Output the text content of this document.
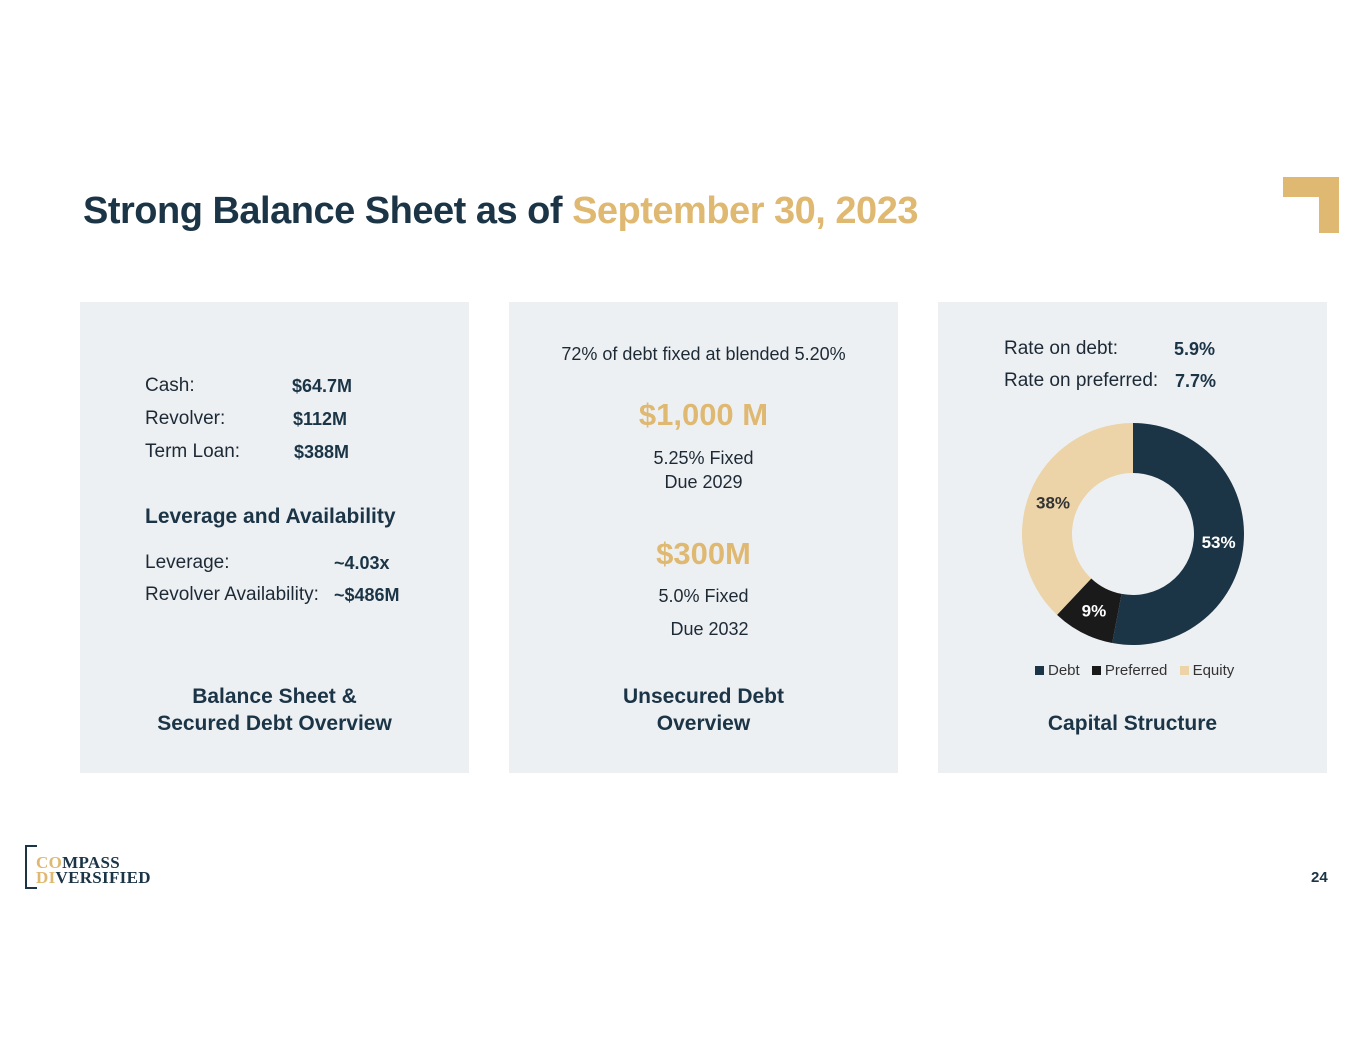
Strong Balance Sheet as of September 30, 2023
Cash:	$64.7M
Revolver:	$112M
Term Loan:	$388M
Leverage and Availability
Leverage:	~4.03x
Revolver Availability: ~$486M
Balance Sheet &
Secured Debt Overview
72% of debt fixed at blended 5.20%
$1,000 M
5.25% Fixed
Due 2029
$300M
5.0% Fixed
Due 2032
Unsecured Debt
Overview
Rate on debt:	5.9%
Rate on preferred: 7.7%
53%
9%
38%
Debt Preferred Equity
Capital Structure
COMPASS
DIVERSIFIED	24
